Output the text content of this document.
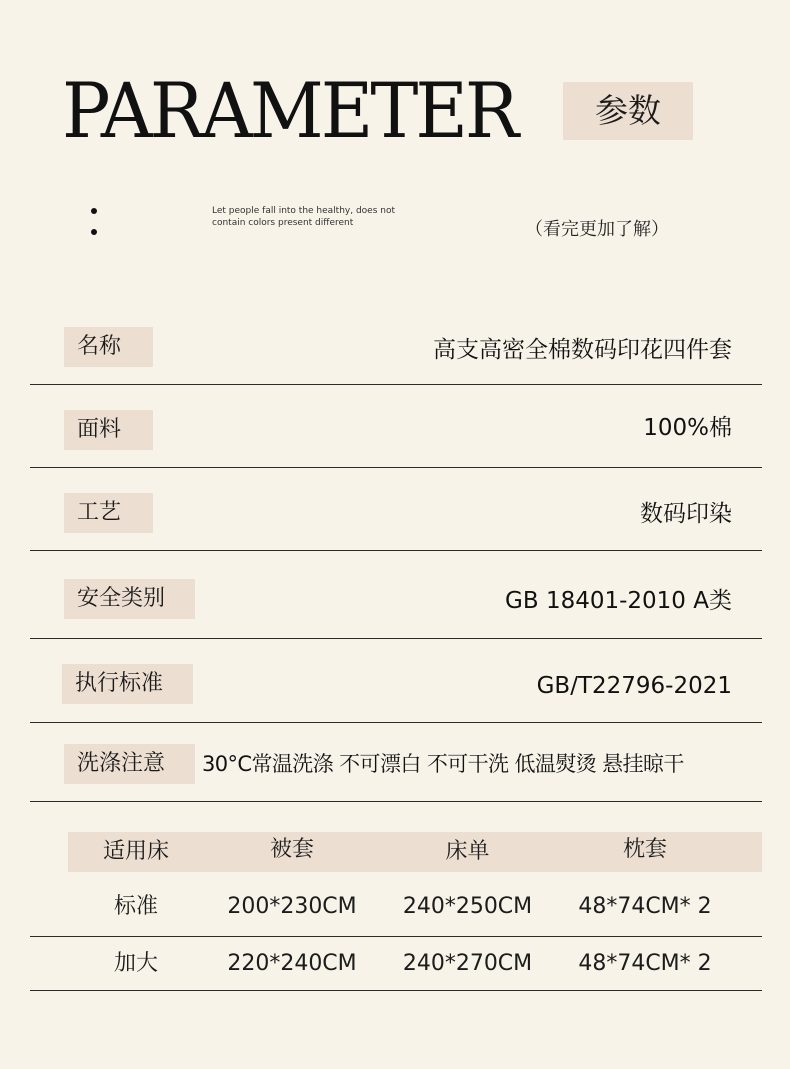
PARAMETER	参数
Let people fall into the healthy, does not contain colors present different	（看完更加了解）
名称	高支高密全棉数码印花四件套
面料	100%棉
工艺	数码印染
安全类别	GB 18401-2010 A类
执行标准	GB/T22796-2021
洗涤注意	30°C常温洗涤 不可漂白 不可干洗 低温熨烫 悬挂晾干
适用床	被套	床单	枕套
标准	200*230CM	240*250CM	48*74CM* 2
加大	220*240CM	240*270CM	48*74CM* 2
